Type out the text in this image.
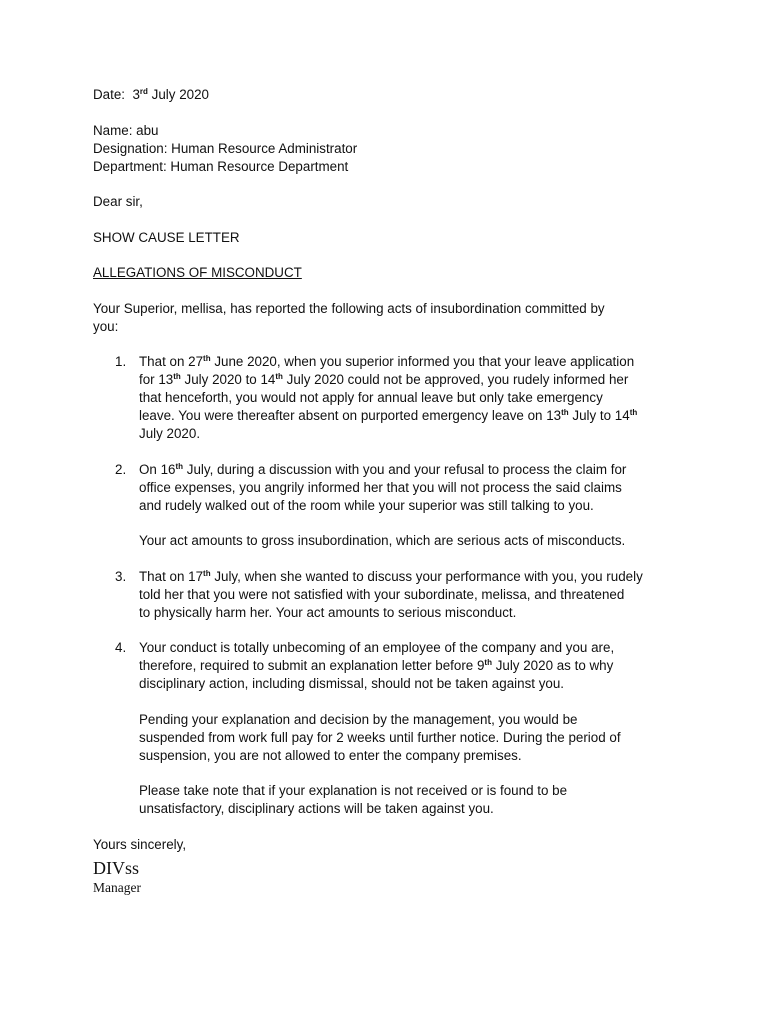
Date: 3rd July 2020
Name: abu
Designation: Human Resource Administrator
Department: Human Resource Department
Dear sir,
SHOW CAUSE LETTER
ALLEGATIONS OF MISCONDUCT
Your Superior, mellisa, has reported the following acts of insubordination committed by
you:
1. That on 27th June 2020, when you superior informed you that your leave application
for 13th July 2020 to 14th July 2020 could not be approved, you rudely informed her
that henceforth, you would not apply for annual leave but only take emergency
leave. You were thereafter absent on purported emergency leave on 13th July to 14th
July 2020.
2. On 16th July, during a discussion with you and your refusal to process the claim for
office expenses, you angrily informed her that you will not process the said claims
and rudely walked out of the room while your superior was still talking to you.
Your act amounts to gross insubordination, which are serious acts of misconducts.
3. That on 17th July, when she wanted to discuss your performance with you, you rudely
told her that you were not satisfied with your subordinate, melissa, and threatened
to physically harm her. Your act amounts to serious misconduct.
4. Your conduct is totally unbecoming of an employee of the company and you are,
therefore, required to submit an explanation letter before 9th July 2020 as to why
disciplinary action, including dismissal, should not be taken against you.
Pending your explanation and decision by the management, you would be
suspended from work full pay for 2 weeks until further notice. During the period of
suspension, you are not allowed to enter the company premises.
Please take note that if your explanation is not received or is found to be
unsatisfactory, disciplinary actions will be taken against you.
Yours sincerely,
DIVss
Manager
